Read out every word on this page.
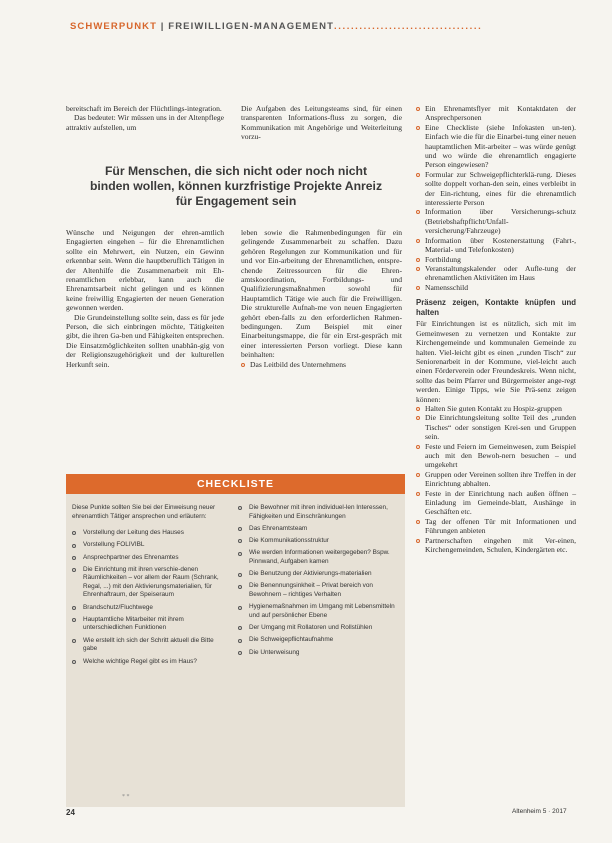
SCHWERPUNKT | FREIWILLIGEN-MANAGEMENT...................................

bereitschaft im Bereich der Flüchtlings-integration.

Das bedeutet: Wir müssen uns in der Altenpflege attraktiv aufstellen, um

Die Aufgaben des Leitungsteams sind, für einen transparenten Informations-fluss zu sorgen, die Kommunikation mit Angehörige und Weiterleitung vorzu-

Für Menschen, die sich nicht oder noch nicht binden wollen, können kurzfristige Projekte Anreiz für Engagement sein

Wünsche und Neigungen der ehren-amtlich Engagierten eingehen – für die Ehrenamtlichen sollte ein Mehrwert, ein Nutzen, ein Gewinn erkennbar sein. Wenn die hauptberuflich Tätigen in der Altenhilfe die Zusammenarbeit mit Eh-renamtlichen erlebbar, kann auch die Ehrenamtsarbeit nicht gelingen und es können keine freiwillig Engagierten der neuen Generation gewonnen werden.

Die Grundeinstellung sollte sein, dass es für jede Person, die sich einbringen möchte, Tätigkeiten gibt, die ihren Ga-ben und Fähigkeiten entsprechen. Die Einsatzmöglichkeiten sollten unabhän-gig von der Religionszugehörigkeit und der kulturellen Herkunft sein.

leben sowie die Rahmenbedingungen für ein gelingende Zusammenarbeit zu schaffen. Dazu gehören Regelungen zur Kommunikation und für und vor Ein-arbeitung der Ehrenamtlichen, entspre-chende Zeitressourcen für die Ehren-amtskoordination, Fortbildungs- und Qualifizierungsmaßnahmen sowohl für Hauptamtlich Tätige wie auch für die Freiwilligen. Die strukturelle Aufnah-me von neuen Engagierten gehört eben-falls zu den erforderlichen Rahmen-bedingungen. Zum Beispiel mit einer Einarbeitungsmappe, die für ein Erst-gespräch mit einer interessierten Person vorliegt. Diese kann beinhalten:

Das Leitbild des Unternehmens
Ein Ehrenamtsflyer mit Kontaktdaten der Ansprechpersonen
Eine Checkliste (siehe Infokasten un-ten). Einfach wie die für die Einarbei-tung einer neuen hauptamtlichen Mit-arbeiter – was würde genügt und wo würde die ehrenamtlich engagierte Person eingewiesen?
Formular zur Schweigepflichterklä-rung. Dieses sollte doppelt vorhan-den sein, eines verbleibt in der Ein-richtung, eines für die ehrenamtlich interessierte Person
Information über Versicherungs-schutz (Betriebshaftpflicht/Unfall-versicherung/Fahrzeuge)
Information über Kostenerstattung (Fahrt-, Material- und Telefonkosten)
Fortbildung
Veranstaltungskalender oder Aufle-tung der ehrenamtlichen Aktivitäten im Haus
Namensschild
Präsenz zeigen, Kontakte knüpfen und halten

Für Einrichtungen ist es nützlich, sich mit im Gemeinwesen zu vernetzen und Kontakte zur Kirchengemeinde und kommunalen Gemeinde zu halten. Viel-leicht gibt es einen „runden Tisch“ zur Seniorenarbeit in der Kommune, viel-leicht auch einen Förderverein oder Freundeskreis. Wenn nicht, sollte das beim Pfarrer und Bürgermeister ange-regt werden. Einige Tipps, wie Sie Prä-senz zeigen können:

Halten Sie guten Kontakt zu Hospiz-gruppen
Die Einrichtungsleitung sollte Teil des „runden Tisches“ oder sonstigen Krei-sen und Gruppen sein.
Feste und Feiern im Gemeinwesen, zum Beispiel auch mit den Bewoh-nern besuchen – und umgekehrt
Gruppen oder Vereinen sollten ihre Treffen in der Einrichtung abhalten.
Feste in der Einrichtung nach außen öffnen – Einladung im Gemeinde-blatt, Aushänge in Geschäften etc.
Tag der offenen Tür mit Informationen und Führungen anbieten
Partnerschaften eingehen mit Ver-einen, Kirchengemeinden, Schulen, Kindergärten etc.
CHECKLISTE
Diese Punkte sollten Sie bei der Einweisung neuer ehrenamtlich Tätiger ansprechen und erläutern:
Vorstellung der Leitung des Hauses
Vorstellung FOLIVIBL
Ansprechpartner des Ehrenamtes
Die Einrichtung mit ihren verschie-denen Räumlichkeiten – vor allem der Raum (Schrank, Regal, ...) mit den Aktivierungsmaterialien, für Ehrenhaftraum, der Speiseraum
Brandschutz/Fluchtwege
Hauptamtliche Mitarbeiter mit ihrem unterschiedlichen Funktionen
Wie erstellt ich sich der Schritt aktuell die Bitte gabe
Welche wichtige Regel gibt es im Haus?
Die Bewohner mit ihren individuel-len Interessen, Fähigkeiten und Einschränkungen
Das Ehrenamtsteam
Die Kommunikationsstruktur
Wie werden Informationen weitergegeben? Bspw. Pinnwand, Aufgaben kamen
Die Benutzung der Aktivierungs-materialien
Die Benennungsinkheit – Privat bereich von Bewohnern – richtiges Verhalten
Hygienemaßnahmen im Umgang mit Lebensmitteln und auf persönlicher Ebene
Der Umgang mit Rollatoren und Rollstühlen
Die Schweigepflichtaufnahme
Die Unterweisung
* *
24	Altenheim 5 · 2017
